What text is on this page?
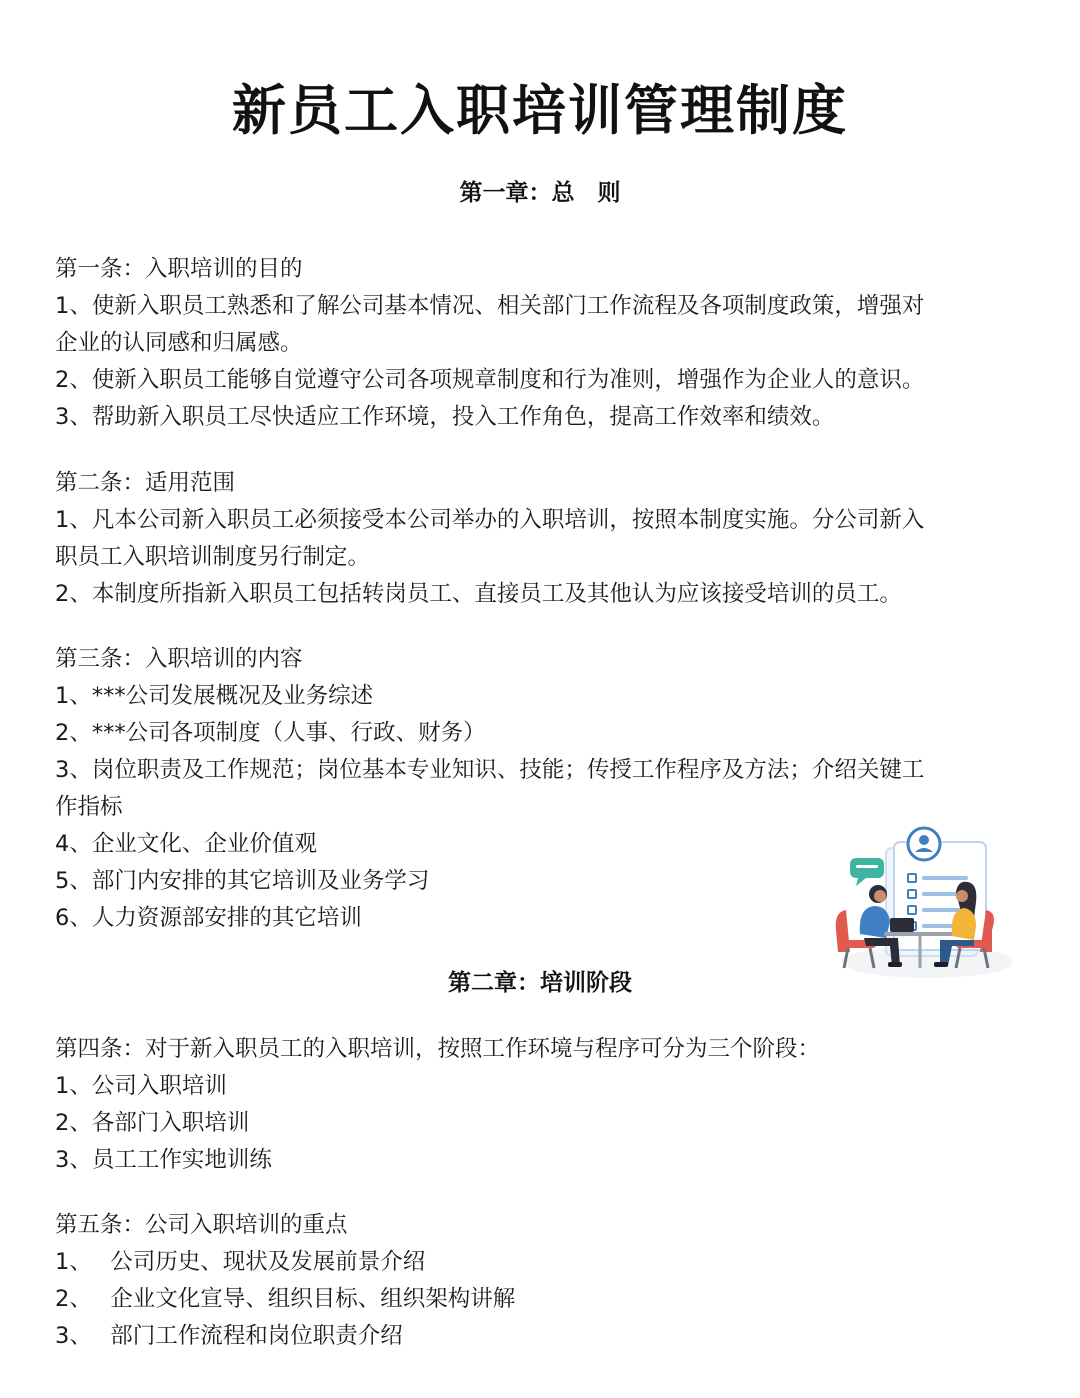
新员工入职培训管理制度
第一章：总　则
第一条：入职培训的目的
1、使新入职员工熟悉和了解公司基本情况、相关部门工作流程及各项制度政策，增强对
企业的认同感和归属感。
2、使新入职员工能够自觉遵守公司各项规章制度和行为准则，增强作为企业人的意识。
3、帮助新入职员工尽快适应工作环境，投入工作角色，提高工作效率和绩效。
第二条：适用范围
1、凡本公司新入职员工必须接受本公司举办的入职培训，按照本制度实施。分公司新入
职员工入职培训制度另行制定。
2、本制度所指新入职员工包括转岗员工、直接员工及其他认为应该接受培训的员工。
第三条：入职培训的内容
1、***公司发展概况及业务综述
2、***公司各项制度（人事、行政、财务）
3、岗位职责及工作规范；岗位基本专业知识、技能；传授工作程序及方法；介绍关键工
作指标
4、企业文化、企业价值观
5、部门内安排的其它培训及业务学习
6、人力资源部安排的其它培训
第二章：培训阶段
第四条：对于新入职员工的入职培训，按照工作环境与程序可分为三个阶段：
1、公司入职培训
2、各部门入职培训
3、员工工作实地训练
第五条：公司入职培训的重点
1、　 公司历史、现状及发展前景介绍
2、　 企业文化宣导、组织目标、组织架构讲解
3、　 部门工作流程和岗位职责介绍
